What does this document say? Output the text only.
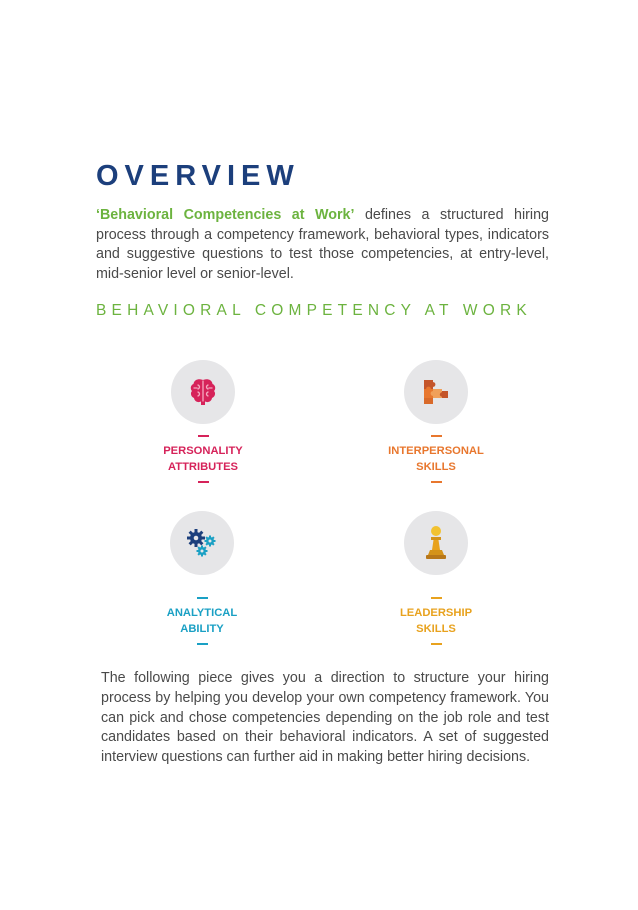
OVERVIEW

‘Behavioral Competencies at Work’ defines a structured hiring process through a competency framework, behavioral types, indicators and suggestive questions to test those competencies, at entry-level, mid-senior level or senior-level.

BEHAVIORAL COMPETENCY AT WORK
PERSONALITY
ATTRIBUTES
INTERPERSONAL
SKILLS
ANALYTICAL
ABILITY
LEADERSHIP
SKILLS

The following piece gives you a direction to structure your hiring process by helping you develop your own competency framework. You can pick and chose competencies depending on the job role and test candidates based on their behavioral indicators. A set of suggested interview questions can further aid in making better hiring decisions.
